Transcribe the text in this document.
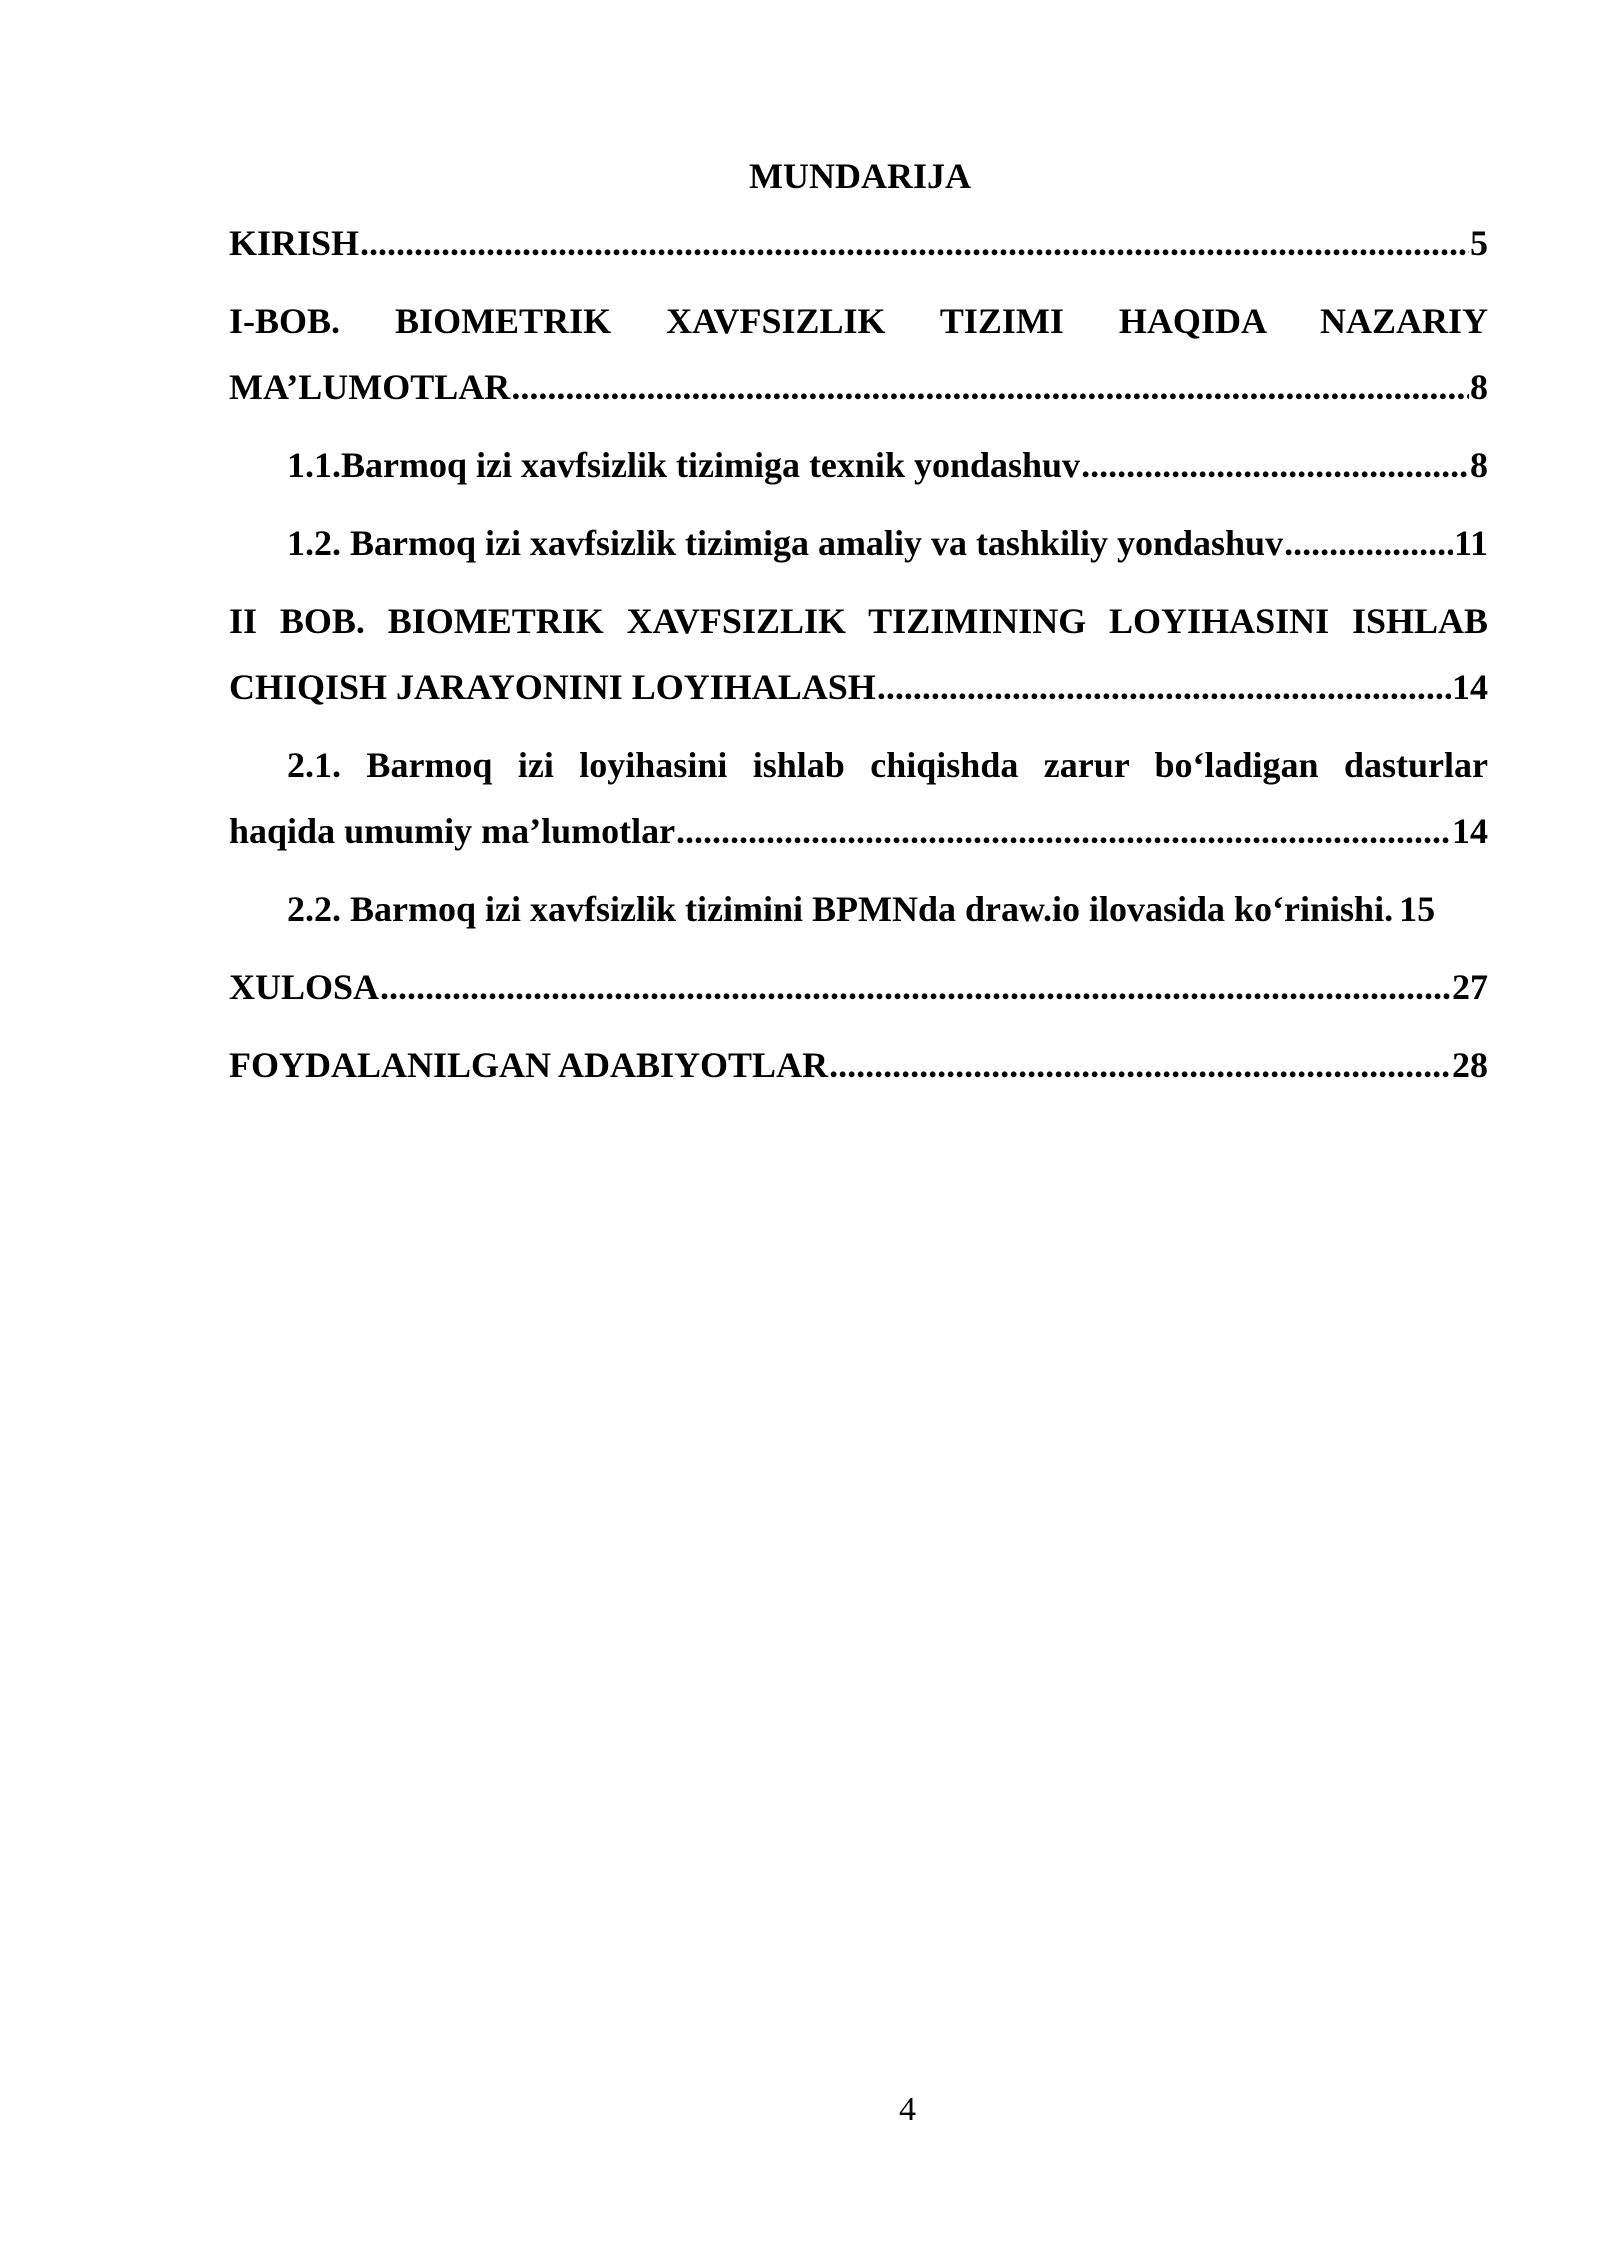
MUNDARIJA
KIRISH .....	5
I-BOB. BIOMETRIK XAVFSIZLIK TIZIMI HAQIDA NAZARIY
MA’LUMOTLAR .....	8
1.1.Barmoq izi xavfsizlik tizimiga texnik yondashuv .....	8
1.2. Barmoq izi xavfsizlik tizimiga amaliy va tashkiliy yondashuv .....	11
II BOB. BIOMETRIK XAVFSIZLIK TIZIMINING LOYIHASINI ISHLAB
CHIQISH JARAYONINI LOYIHALASH .....	14
2.1. Barmoq izi loyihasini ishlab chiqishda zarur bo‘ladigan dasturlar
haqida umumiy ma’lumotlar .....	14
2.2. Barmoq izi xavfsizlik tizimini BPMNda draw.io ilovasida ko‘rinishi. 15
XULOSA .....	27
FOYDALANILGAN ADABIYOTLAR .....	28
4
